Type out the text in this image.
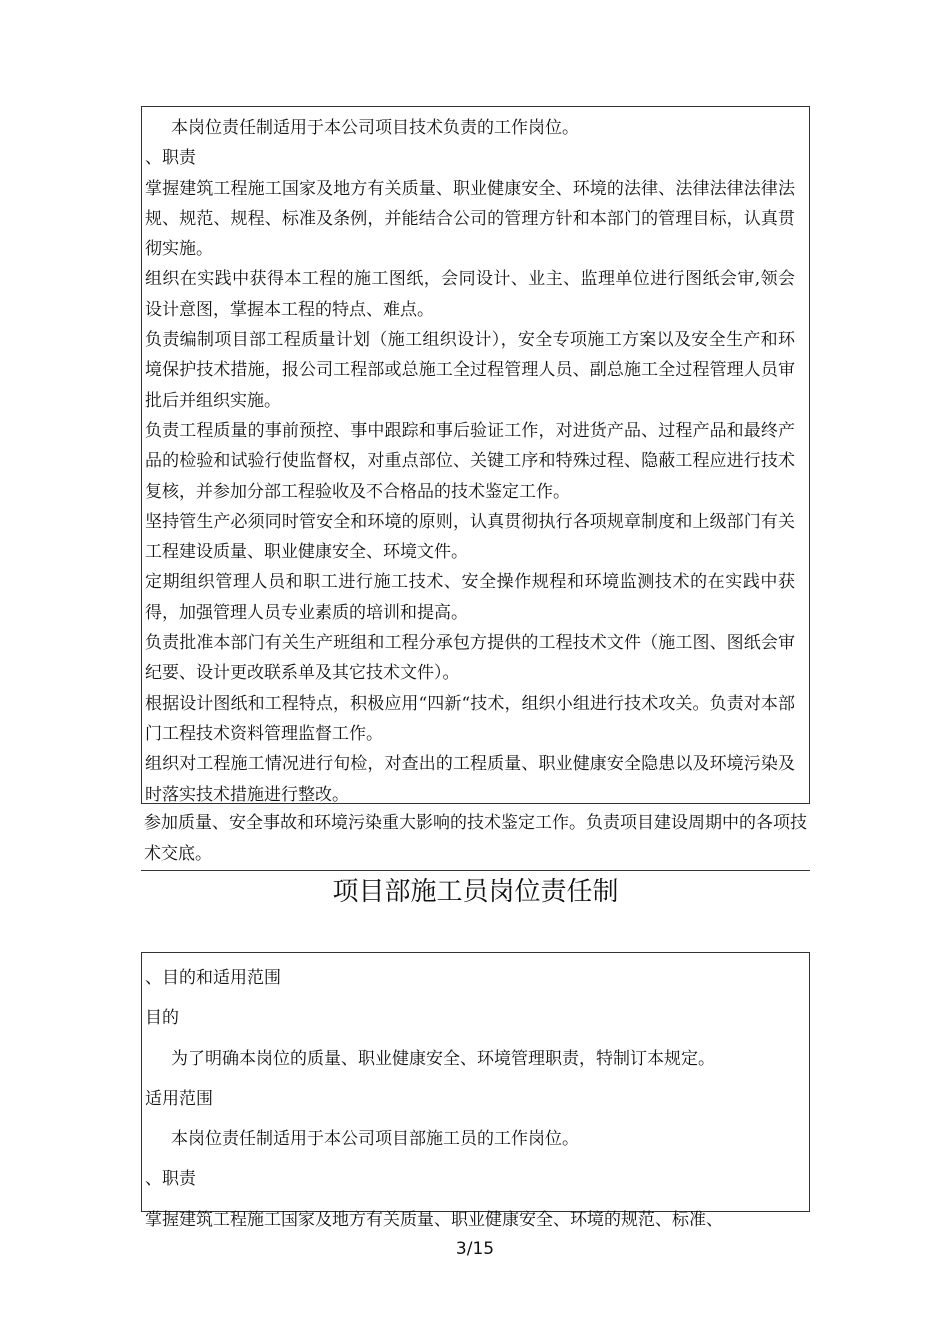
本岗位责任制适用于本公司项目技术负责的工作岗位。

、职责

掌握建筑工程施工国家及地方有关质量、职业健康安全、环境的法律、法律法律法律法规、规范、规程、标准及条例，并能结合公司的管理方针和本部门的管理目标，认真贯彻实施。

组织在实践中获得本工程的施工图纸，会同设计、业主、监理单位进行图纸会审,领会设计意图，掌握本工程的特点、难点。

负责编制项目部工程质量计划（施工组织设计），安全专项施工方案以及安全生产和环境保护技术措施，报公司工程部或总施工全过程管理人员、副总施工全过程管理人员审批后并组织实施。

负责工程质量的事前预控、事中跟踪和事后验证工作，对进货产品、过程产品和最终产品的检验和试验行使监督权，对重点部位、关键工序和特殊过程、隐蔽工程应进行技术复核，并参加分部工程验收及不合格品的技术鉴定工作。

坚持管生产必须同时管安全和环境的原则，认真贯彻执行各项规章制度和上级部门有关工程建设质量、职业健康安全、环境文件。

定期组织管理人员和职工进行施工技术、安全操作规程和环境监测技术的在实践中获得，加强管理人员专业素质的培训和提高。

负责批准本部门有关生产班组和工程分承包方提供的工程技术文件（施工图、图纸会审纪要、设计更改联系单及其它技术文件）。

根据设计图纸和工程特点，积极应用“四新“技术，组织小组进行技术攻关。负责对本部门工程技术资料管理监督工作。

组织对工程施工情况进行旬检，对查出的工程质量、职业健康安全隐患以及环境污染及时落实技术措施进行整改。

参加质量、安全事故和环境污染重大影响的技术鉴定工作。负责项目建设周期中的各项技术交底。

项目部施工员岗位责任制

、目的和适用范围

目的

为了明确本岗位的质量、职业健康安全、环境管理职责，特制订本规定。

适用范围

本岗位责任制适用于本公司项目部施工员的工作岗位。

、职责

掌握建筑工程施工国家及地方有关质量、职业健康安全、环境的规范、标准、

3/15
